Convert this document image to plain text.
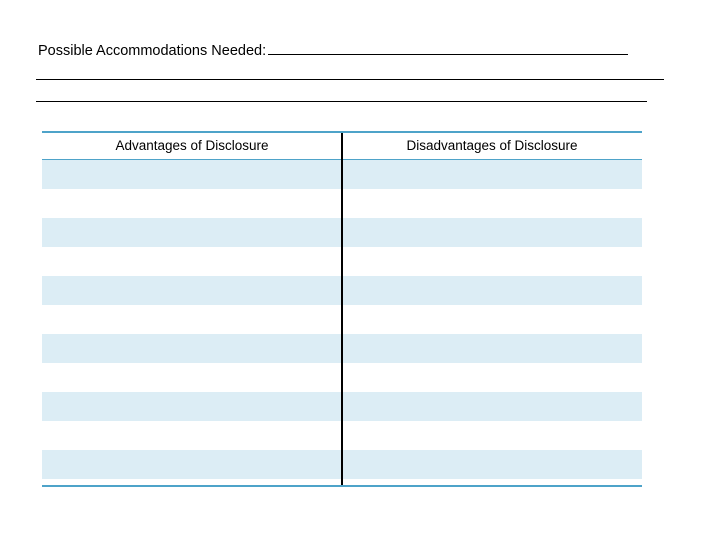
Possible Accommodations Needed:
Advantages of Disclosure	Disadvantages of Disclosure
